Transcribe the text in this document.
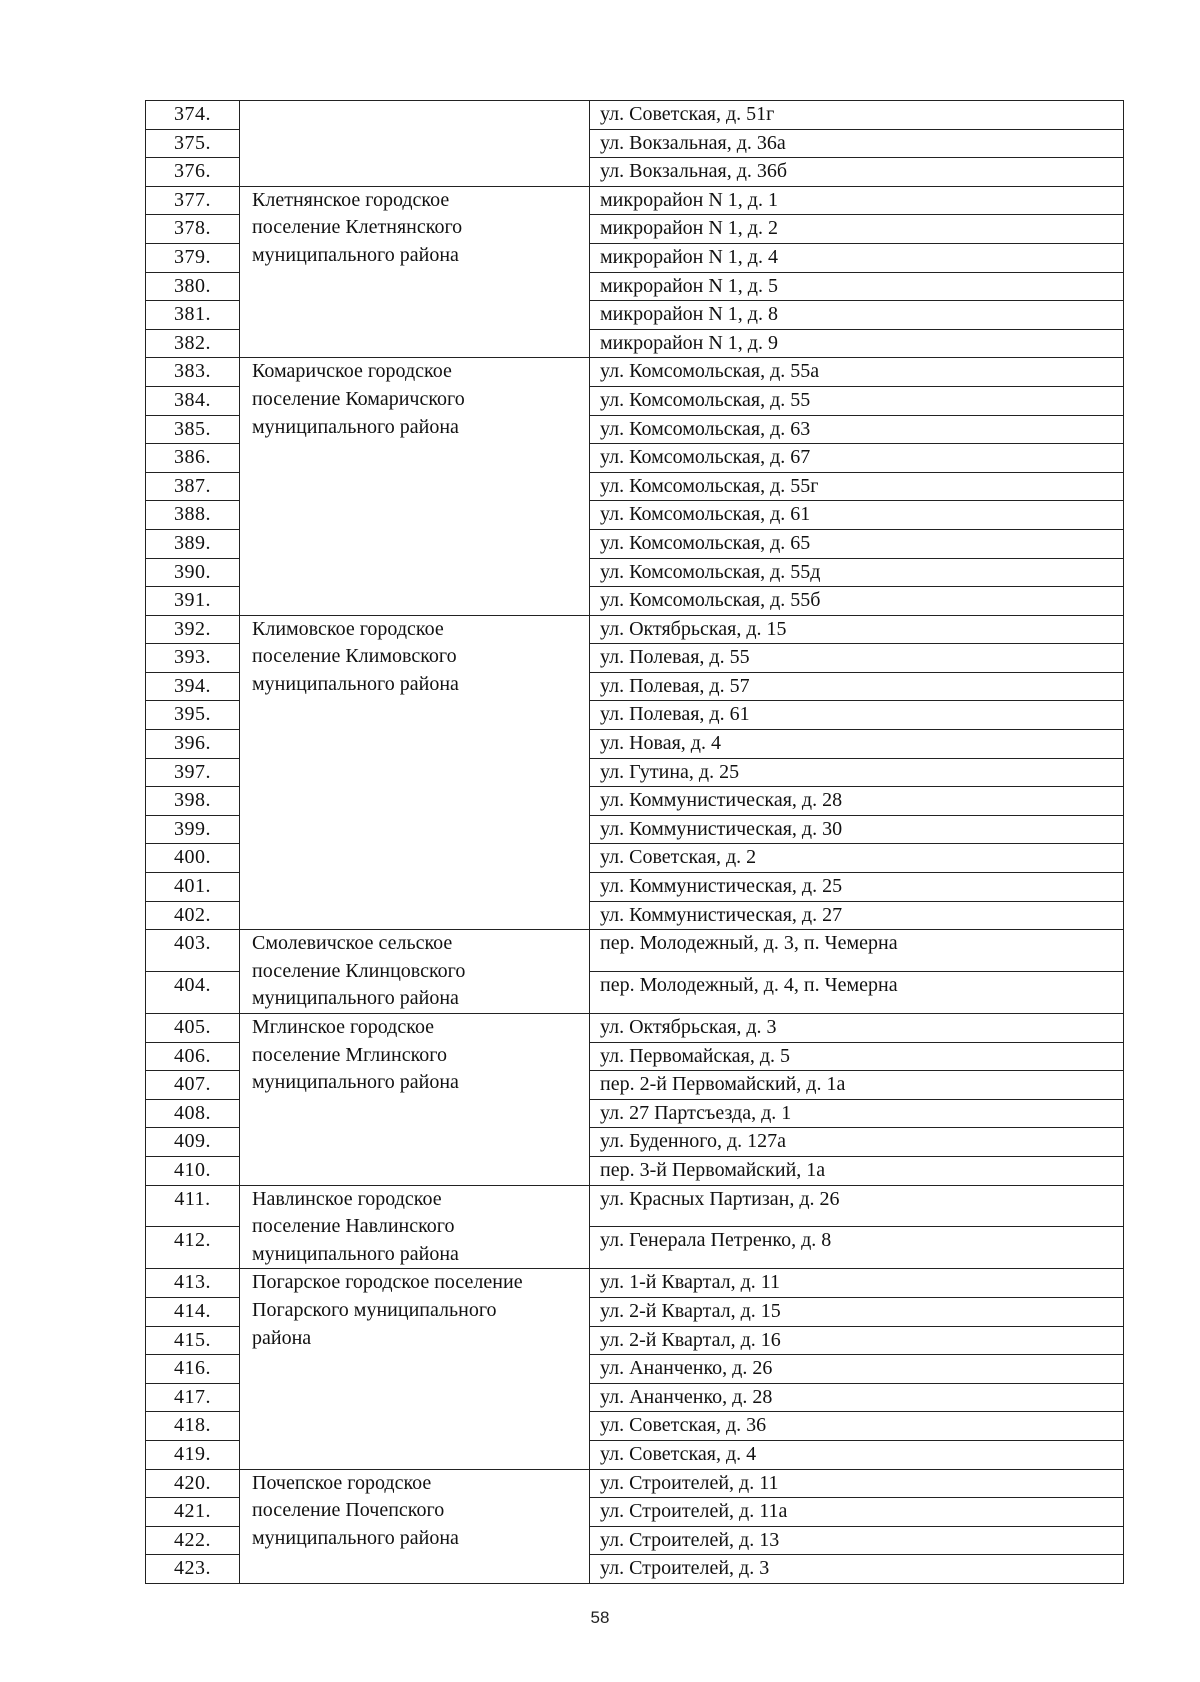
374.		ул. Советская, д. 51г
375.		ул. Вокзальная, д. 36а
376.		ул. Вокзальная, д. 36б
377.	Клетнянское городское
поселение Клетнянского
муниципального района	микрорайон N 1, д. 1
378.		микрорайон N 1, д. 2
379.		микрорайон N 1, д. 4
380.		микрорайон N 1, д. 5
381.		микрорайон N 1, д. 8
382.		микрорайон N 1, д. 9
383.	Комаричское городское
поселение Комаричского
муниципального района	ул. Комсомольская, д. 55а
384.		ул. Комсомольская, д. 55
385.		ул. Комсомольская, д. 63
386.		ул. Комсомольская, д. 67
387.		ул. Комсомольская, д. 55г
388.		ул. Комсомольская, д. 61
389.		ул. Комсомольская, д. 65
390.		ул. Комсомольская, д. 55д
391.		ул. Комсомольская, д. 55б
392.	Климовское городское
поселение Климовского
муниципального района	ул. Октябрьская, д. 15
393.		ул. Полевая, д. 55
394.		ул. Полевая, д. 57
395.		ул. Полевая, д. 61
396.		ул. Новая, д. 4
397.		ул. Гутина, д. 25
398.		ул. Коммунистическая, д. 28
399.		ул. Коммунистическая, д. 30
400.		ул. Советская, д. 2
401.		ул. Коммунистическая, д. 25
402.		ул. Коммунистическая, д. 27
403.	Смолевичское сельское
поселение Клинцовского
муниципального района	пер. Молодежный, д. 3, п. Чемерна
404.		пер. Молодежный, д. 4, п. Чемерна
405.	Мглинское городское
поселение Мглинского
муниципального района	ул. Октябрьская, д. 3
406.		ул. Первомайская, д. 5
407.		пер. 2-й Первомайский, д. 1а
408.		ул. 27 Партсъезда, д. 1
409.		ул. Буденного, д. 127а
410.		пер. 3-й Первомайский, 1а
411.	Навлинское городское
поселение Навлинского
муниципального района	ул. Красных Партизан, д. 26
412.		ул. Генерала Петренко, д. 8
413.	Погарское городское поселение
Погарского муниципального
района	ул. 1-й Квартал, д. 11
414.		ул. 2-й Квартал, д. 15
415.		ул. 2-й Квартал, д. 16
416.		ул. Ананченко, д. 26
417.		ул. Ананченко, д. 28
418.		ул. Советская, д. 36
419.		ул. Советская, д. 4
420.	Почепское городское
поселение Почепского
муниципального района	ул. Строителей, д. 11
421.		ул. Строителей, д. 11а
422.		ул. Строителей, д. 13
423.		ул. Строителей, д. 3
58
